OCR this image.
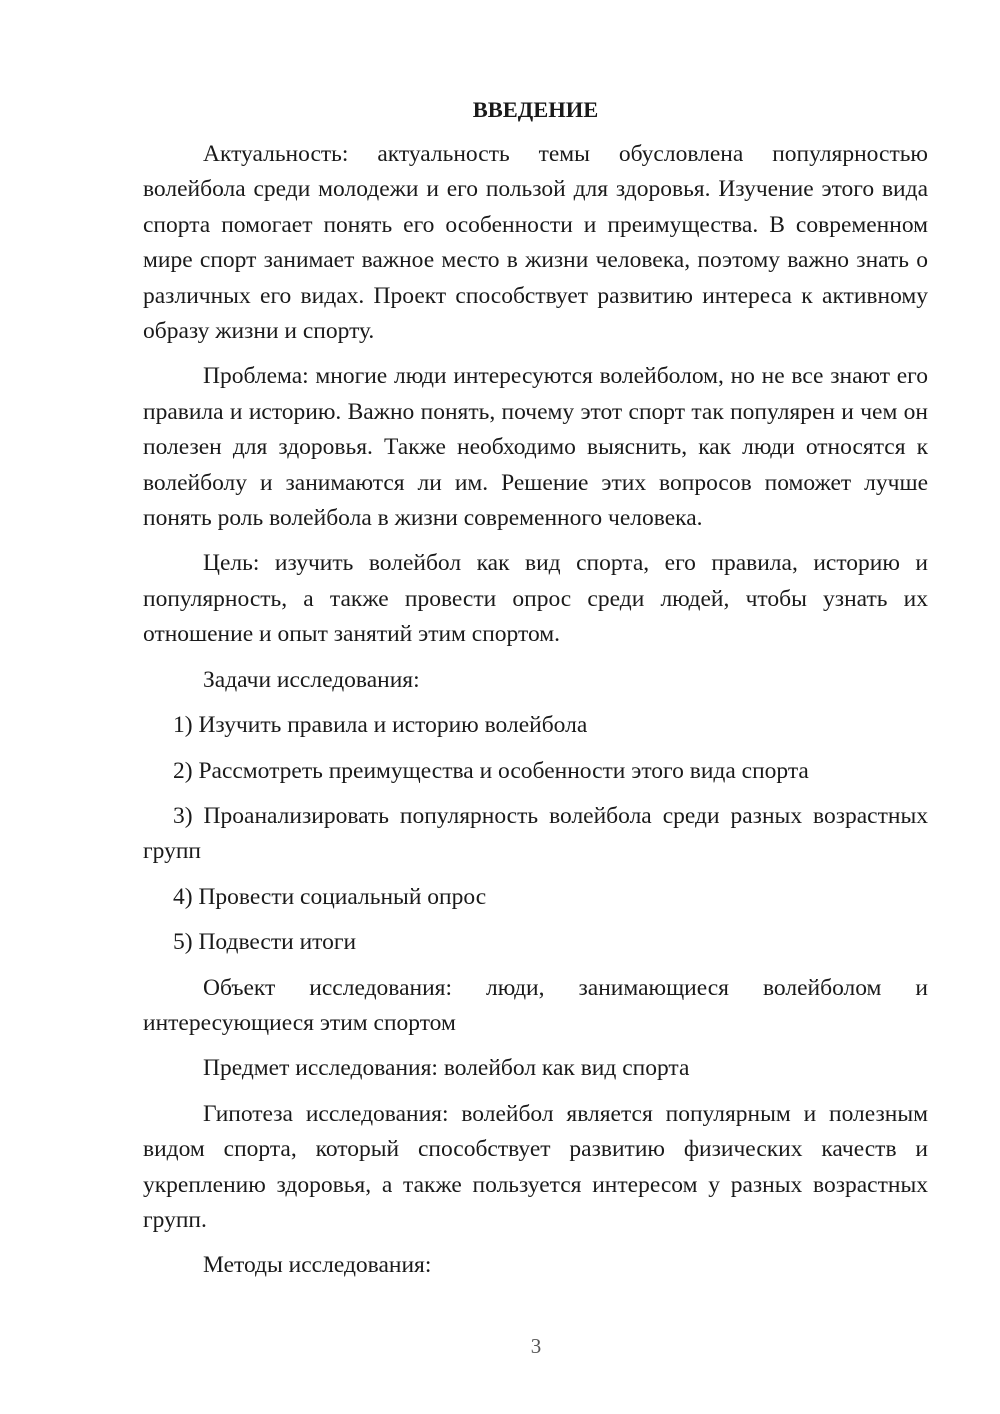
ВВЕДЕНИЕ

Актуальность: актуальность темы обусловлена популярностью волейбола среди молодежи и его пользой для здоровья. Изучение этого вида спорта помогает понять его особенности и преимущества. В современном мире спорт занимает важное место в жизни человека, поэтому важно знать о различных его видах. Проект способствует развитию интереса к активному образу жизни и спорту.

Проблема: многие люди интересуются волейболом, но не все знают его правила и историю. Важно понять, почему этот спорт так популярен и чем он полезен для здоровья. Также необходимо выяснить, как люди относятся к волейболу и занимаются ли им. Решение этих вопросов поможет лучше понять роль волейбола в жизни современного человека.

Цель: изучить волейбол как вид спорта, его правила, историю и популярность, а также провести опрос среди людей, чтобы узнать их отношение и опыт занятий этим спортом.

Задачи исследования:

1) Изучить правила и историю волейбола

2) Рассмотреть преимущества и особенности этого вида спорта

3) Проанализировать популярность волейбола среди разных возрастных групп

4) Провести социальный опрос

5) Подвести итоги

Объект исследования: люди, занимающиеся волейболом и интересующиеся этим спортом

Предмет исследования: волейбол как вид спорта

Гипотеза исследования: волейбол является популярным и полезным видом спорта, который способствует развитию физических качеств и укреплению здоровья, а также пользуется интересом у разных возрастных групп.

Методы исследования:

3
